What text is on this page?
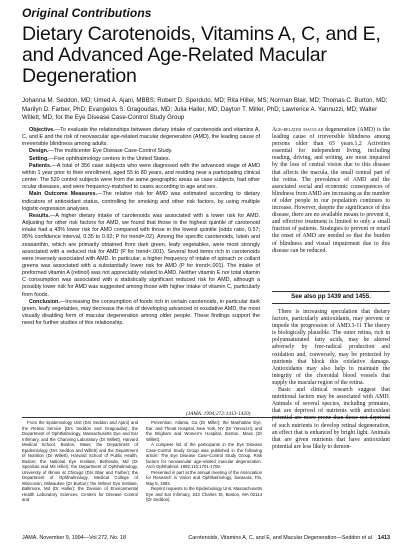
Original Contributions
Dietary Carotenoids, Vitamins A, C, and E, and Advanced Age-Related Macular Degeneration
Johanna M. Seddon, MD; Umed A. Ajani, MBBS; Robert D. Sperduto, MD; Rita Hiller, MS; Norman Blair, MD; Thomas C. Burton, MD; Marilyn D. Farber, PhD; Evangelos S. Gragoudas, MD; Julia Haller, MD; Dayton T. Miller, PhD; Lawrence A. Yannuzzi, MD; Walter Willett, MD; for the Eye Disease Case-Control Study Group

Objective.—To evaluate the relationships between dietary intake of carotenoids and vitamins A, C, and E and the risk of neovascular age-related macular degeneration (AMD), the leading cause of irreversible blindness among adults.

Design.—The multicenter Eye Disease Case-Control Study.

Setting.—Five ophthalmology centers in the United States.

Patients.—A total of 356 case subjects who were diagnosed with the advanced stage of AMD within 1 year prior to their enrollment, aged 55 to 80 years, and residing near a participating clinical center. The 520 control subjects were from the same geographic areas as case subjects, had other ocular diseases, and were frequency-matched to cases according to age and sex.

Main Outcome Measures.—The relative risk for AMD was estimated according to dietary indicators of antioxidant status, controlling for smoking and other risk factors, by using multiple logistic-regression analyses.

Results.—A higher dietary intake of carotenoids was associated with a lower risk for AMD. Adjusting for other risk factors for AMD, we found that those in the highest quintile of carotenoid intake had a 43% lower risk for AMD compared with those in the lowest quintile (odds ratio, 0.57; 95% confidence interval, 0.35 to 0.92; P for trend=.02). Among the specific carotenoids, lutein and zeaxanthin, which are primarily obtained from dark green, leafy vegetables, were most strongly associated with a reduced risk for AMD (P for trend<.001). Several food items rich in carotenoids were inversely associated with AMD. In particular, a higher frequency of intake of spinach or collard greens was associated with a substantially lower risk for AMD (P for trend<.001). The intake of preformed vitamin A (retinol) was not appreciably related to AMD. Neither vitamin E nor total vitamin C consumption was associated with a statistically significant reduced risk for AMD, although a possibly lower risk for AMD was suggested among those with higher intake of vitamin C, particularly from foods.

Conclusion.—Increasing the consumption of foods rich in certain carotenoids, in particular dark green, leafy vegetables, may decrease the risk of developing advanced or exudative AMD, the most visually disabling form of macular degeneration among older people. These findings support the need for further studies of this relationship.

(JAMA. 1994;272:1413-1420)

From the Epidemiology Unit (Drs Seddon and Ajani) and the Retina Service (Drs Seddon and Gragoudas), the Department of Ophthalmology, Massachusetts Eye and Ear Infirmary, and the Channing Laboratory (Dr Willett), Harvard Medical School, Boston, Mass; the Department of Epidemiology (Drs Seddon and Willett) and the Department of Nutrition (Dr Willett), Harvard School of Public Health, Boston; the National Eye Institute, Bethesda, Md (Dr Sperduto and Ms Hiller); the Department of Ophthalmology, University of Illinois at Chicago (Drs Blair and Farber); the Department of Ophthalmology, Medical College of Wisconsin, Milwaukee (Dr Burton); the Wilmer Eye Institute, Baltimore, Md (Dr Haller); the Division of Environmental Health Laboratory Sciences, Centers for Disease Control and

Prevention, Atlanta, Ga (Dr Miller); the Manhattan Eye, Ear, and Throat Hospital, New York, NY (Dr Yannuzzi); and the Brigham and Women's Hospital, Boston, Mass (Dr Willett).

A complete list of the participants in the Eye Disease Case-Control Study Group was published in the following article: The Eye Disease Case-Control Study Group. Risk factors for neovascular age-related macular degeneration. Arch Ophthalmol. 1992;110:1701-1708.

Presented in part at the annual meeting of the Association for Research in Vision and Ophthalmology, Sarasota, Fla, May 5, 1993.

Reprint requests to the Epidemiology Unit, Massachusetts Eye and Ear Infirmary, 243 Charles St, Boston, MA 02114 (Dr Seddon).

Age-related macular degeneration (AMD) is the leading cause of irreversible blindness among persons older than 65 years.1,2 Activities essential for independent living, including reading, driving, and writing, are most impaired by the loss of central vision due to this disease that affects the macula, the small central part of the retina. The prevalence of AMD and the associated social and economic consequences of blindness from AMD are increasing as the number of older people in our population continues to increase. However, despite the significance of this disease, there are no available means to prevent it, and effective treatment is limited to only a small fraction of patients. Strategies to prevent or retard the onset of AMD are needed so that the burden of blindness and visual impairment due to this disease can be reduced.

See also pp 1439 and 1455.

There is increasing speculation that dietary factors, particularly antioxidants, may prevent or impede the progression of AMD.3-11 The theory is biologically plausible. The outer retina, rich in polyunsaturated fatty acids, may be altered adversely by free-radical production and oxidation and, conversely, may be protected by nutrients that block this oxidative damage. Antioxidants may also help to maintain the integrity of the choroidal blood vessels that supply the macular region of the retina.

Basic and clinical research suggest that nutritional factors may be associated with AMD. Animals of several species, including primates, that are deprived of nutrients with antioxidant potential are more prone than those not deprived of such nutrients to develop retinal degeneration, an effect that is enhanced by bright light. Animals that are given nutrients that have antioxidant potential are less likely to demon-

JAMA, November 9, 1994—Vol 272, No. 18	Carotenoids, Vitamins A, C, and E, and Macular Degeneration—Seddon et al 1413
